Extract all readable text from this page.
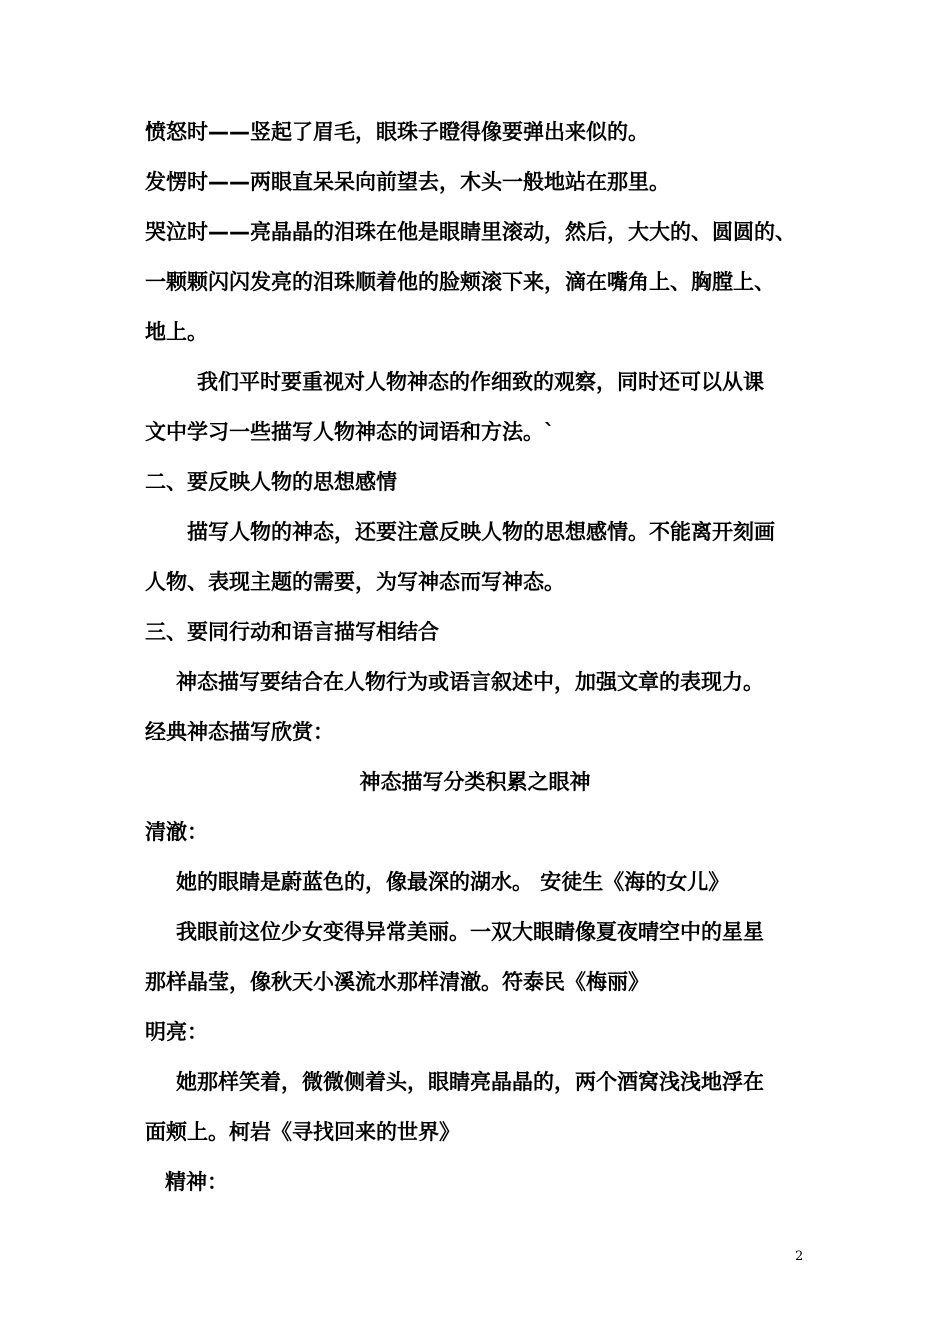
愤怒时——竖起了眉毛，眼珠子瞪得像要弹出来似的。
发愣时——两眼直呆呆向前望去，木头一般地站在那里。
哭泣时——亮晶晶的泪珠在他是眼睛里滚动，然后，大大的、圆圆的、
一颗颗闪闪发亮的泪珠顺着他的脸颊滚下来，滴在嘴角上、胸膛上、
地上。
我们平时要重视对人物神态的作细致的观察，同时还可以从课
文中学习一些描写人物神态的词语和方法。`
二、要反映人物的思想感情
描写人物的神态，还要注意反映人物的思想感情。不能离开刻画
人物、表现主题的需要，为写神态而写神态。
三、要同行动和语言描写相结合
神态描写要结合在人物行为或语言叙述中，加强文章的表现力。
经典神态描写欣赏：
神态描写分类积累之眼神
清澈：
她的眼睛是蔚蓝色的，像最深的湖水。 安徒生《海的女儿》
我眼前这位少女变得异常美丽。一双大眼睛像夏夜晴空中的星星
那样晶莹，像秋天小溪流水那样清澈。符泰民《梅丽》
明亮：
她那样笑着，微微侧着头，眼睛亮晶晶的，两个酒窝浅浅地浮在
面颊上。柯岩《寻找回来的世界》
精神：
2
